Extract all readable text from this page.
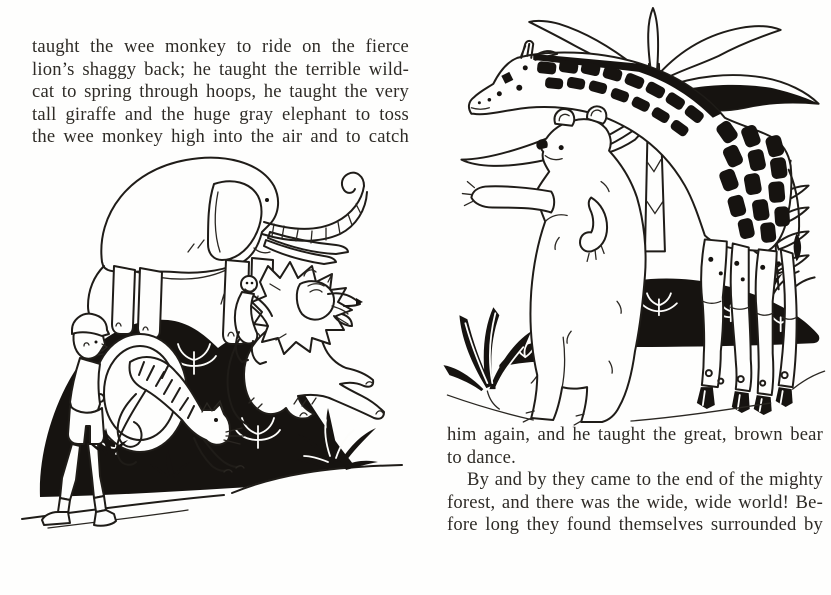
taught the wee monkey to ride on the fierce
lion’s shaggy back; he taught the terrible wild-
cat to spring through hoops, he taught the very
tall giraffe and the huge gray elephant to toss
the wee monkey high into the air and to catch
him again, and he taught the great, brown bear
to dance.
By and by they came to the end of the mighty
forest, and there was the wide, wide world! Be-
fore long they found themselves surrounded by
